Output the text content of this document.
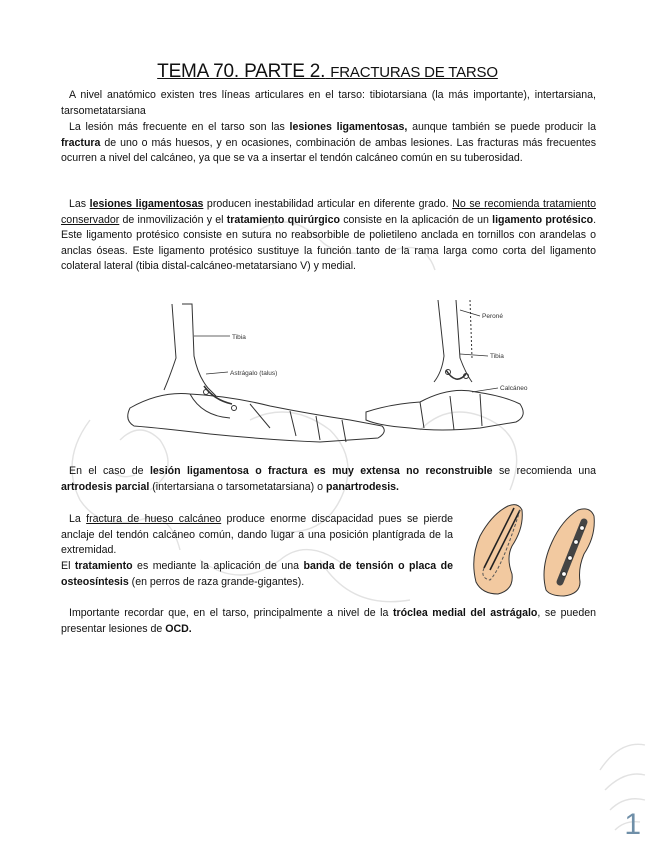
TEMA 70. PARTE 2. FRACTURAS DE TARSO

A nivel anatómico existen tres líneas articulares en el tarso: tibiotarsiana (la más importante), intertarsiana, tarsometatarsiana

La lesión más frecuente en el tarso son las lesiones ligamentosas, aunque también se puede producir la fractura de uno o más huesos, y en ocasiones, combinación de ambas lesiones. Las fracturas más frecuentes ocurren a nivel del calcáneo, ya que se va a insertar el tendón calcáneo común en su tuberosidad.

Las lesiones ligamentosas producen inestabilidad articular en diferente grado. No se recomienda tratamiento conservador de inmovilización y el tratamiento quirúrgico consiste en la aplicación de un ligamento protésico. Este ligamento protésico consiste en sutura no reabsorbible de polietileno anclada en tornillos con arandelas o anclas óseas. Este ligamento protésico sustituye la función tanto de la rama larga como corta del ligamento colateral lateral (tibia distal-calcáneo-metatarsiano V) y medial.

Tibia
Astrágalo (talus)
Peroné
Tibia
Calcáneo

En el caso de lesión ligamentosa o fractura es muy extensa no reconstruible se recomienda una artrodesis parcial (intertarsiana o tarsometatarsiana) o panartrodesis.

La fractura de hueso calcáneo produce enorme discapacidad pues se pierde anclaje del tendón calcáneo común, dando lugar a una posición plantígrada de la extremidad.

El tratamiento es mediante la aplicación de una banda de tensión o placa de osteosíntesis (en perros de raza grande-gigantes).

Importante recordar que, en el tarso, principalmente a nivel de la tróclea medial del astrágalo, se pueden presentar lesiones de OCD.

1
